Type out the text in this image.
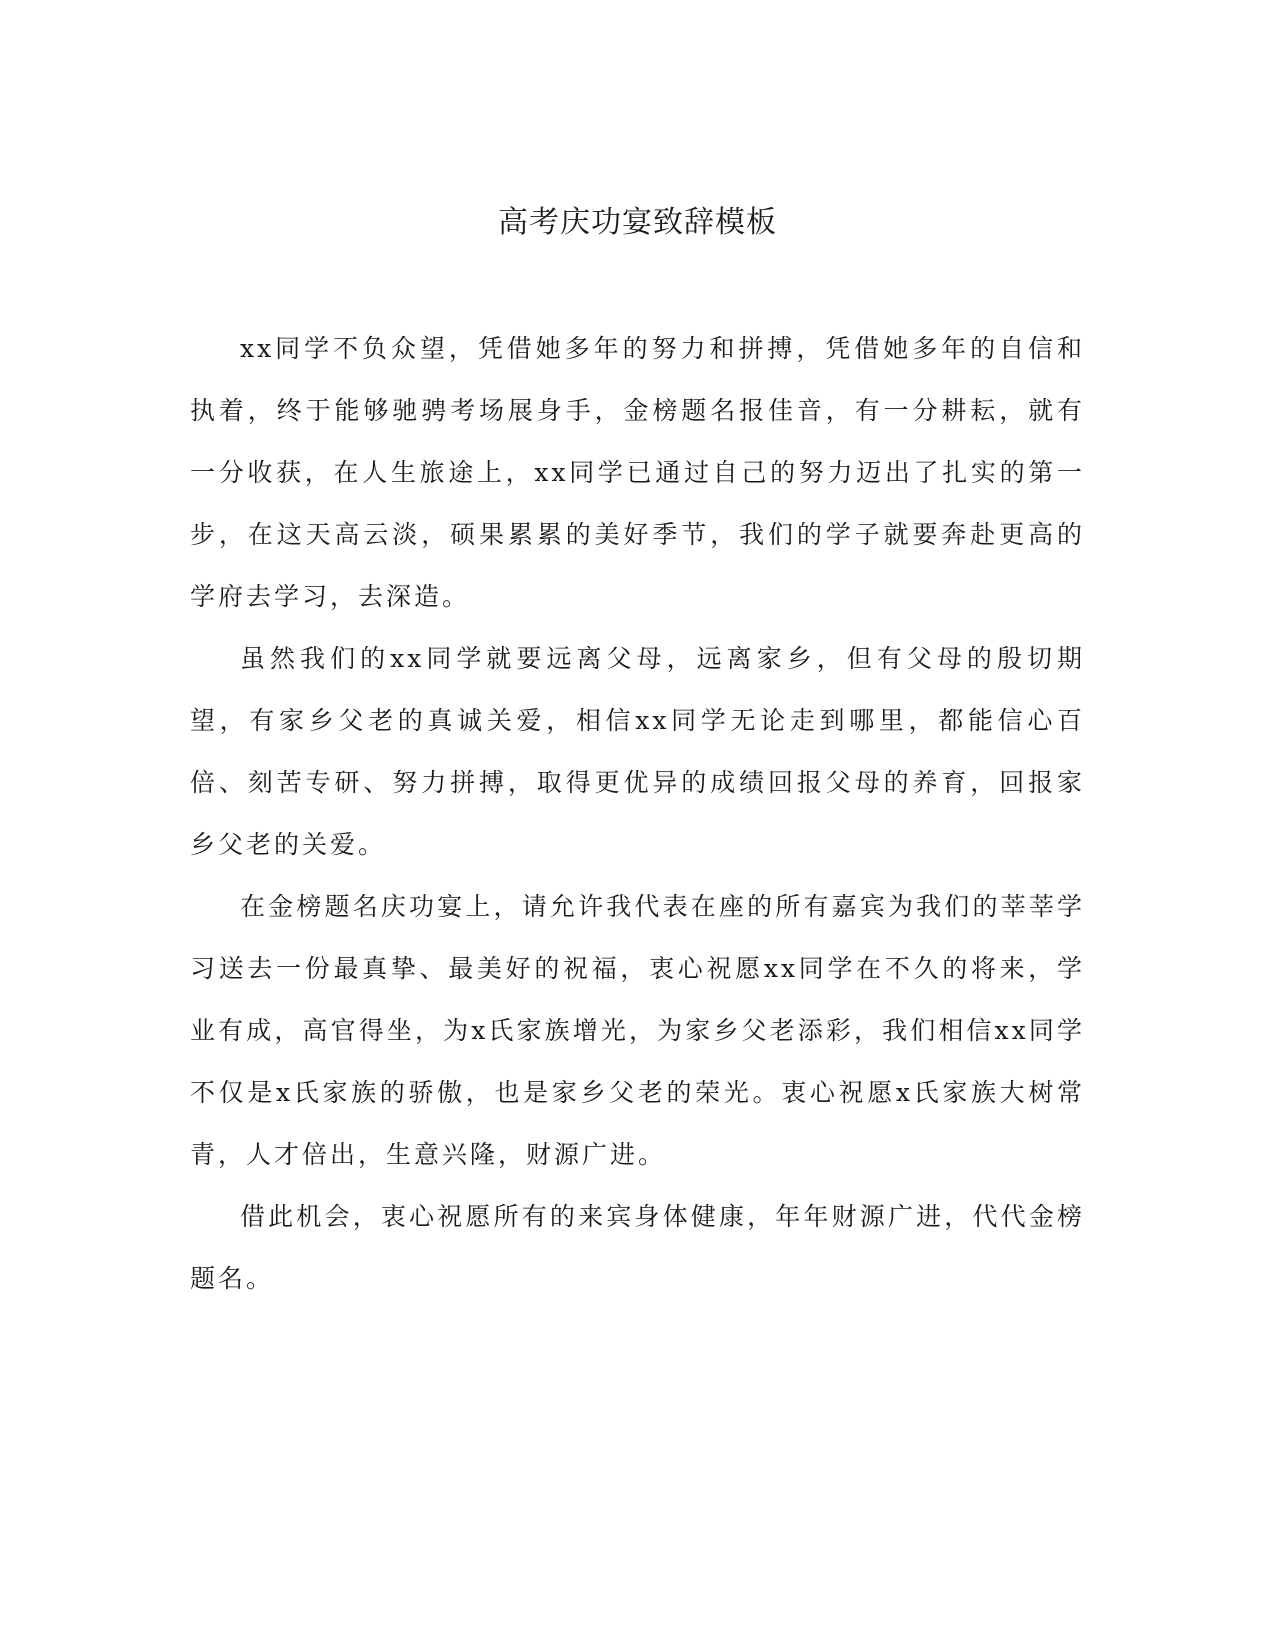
高考庆功宴致辞模板

xx同学不负众望，凭借她多年的努力和拼搏，凭借她多年的自信和执着，终于能够驰骋考场展身手，金榜题名报佳音，有一分耕耘，就有一分收获，在人生旅途上，xx同学已通过自己的努力迈出了扎实的第一步，在这天高云淡，硕果累累的美好季节，我们的学子就要奔赴更高的学府去学习，去深造。

虽然我们的xx同学就要远离父母，远离家乡，但有父母的殷切期望，有家乡父老的真诚关爱，相信xx同学无论走到哪里，都能信心百倍、刻苦专研、努力拼搏，取得更优异的成绩回报父母的养育，回报家乡父老的关爱。

在金榜题名庆功宴上，请允许我代表在座的所有嘉宾为我们的莘莘学习送去一份最真挚、最美好的祝福，衷心祝愿xx同学在不久的将来，学业有成，高官得坐，为x氏家族增光，为家乡父老添彩，我们相信xx同学不仅是x氏家族的骄傲，也是家乡父老的荣光。衷心祝愿x氏家族大树常青，人才倍出，生意兴隆，财源广进。

借此机会，衷心祝愿所有的来宾身体健康，年年财源广进，代代金榜题名。
